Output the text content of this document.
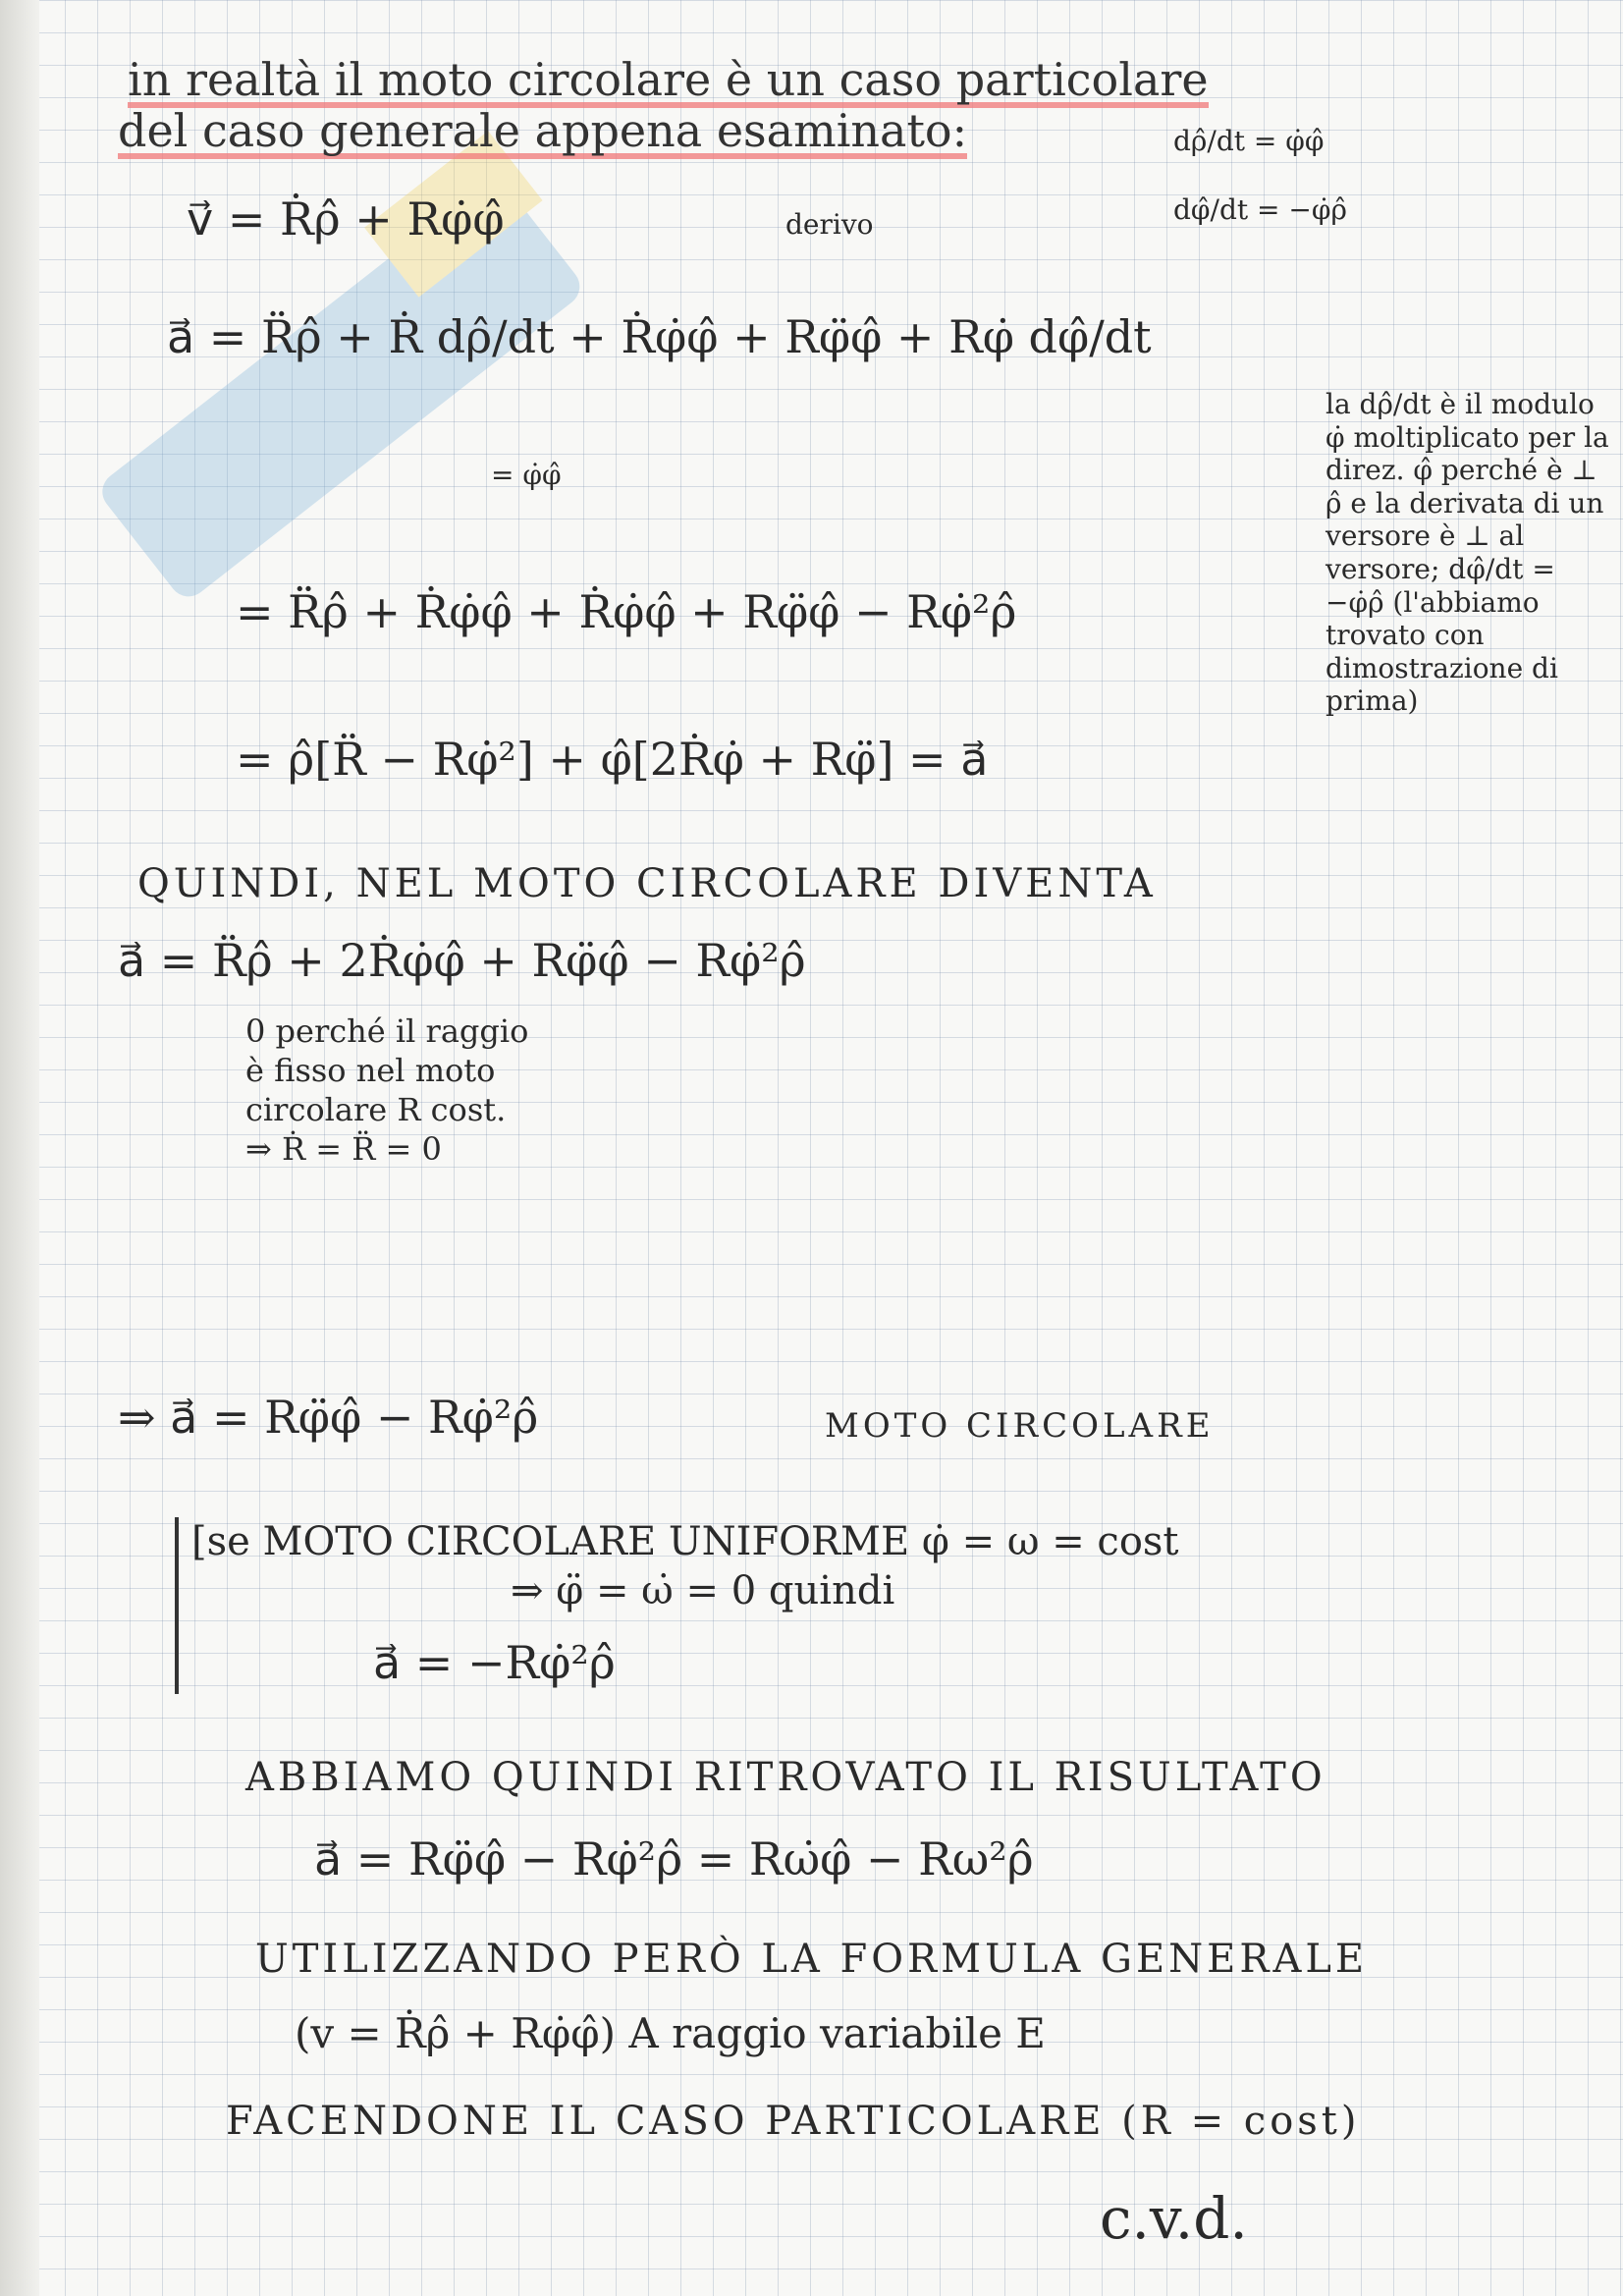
in realtà il moto circolare è un caso particolare
del caso generale appena esaminato:	dρ̂/dt = φ̇φ̂
dφ̂/dt = −φ̇ρ̂
v⃗ = Ṙρ̂ + Rφ̇φ̂	derivo
a⃗ = R̈ρ̂ + Ṙ dρ̂/dt + Ṙφ̇φ̂ + Rφ̈φ̂ + Rφ̇ dφ̂/dt
= φ̇φ̂
= R̈ρ̂ + Ṙφ̇φ̂ + Ṙφ̇φ̂ + Rφ̈φ̂ − Rφ̇²ρ̂
= ρ̂[R̈ − Rφ̇²] + φ̂[2Ṙφ̇ + Rφ̈] = a⃗
la dρ̂/dt è il modulo φ̇ moltiplicato per la direz. φ̂ perché è ⊥ ρ̂ e la derivata di un versore è ⊥ al versore; dφ̂/dt = −φ̇ρ̂ (l'abbiamo trovato con dimostrazione di prima)
QUINDI, NEL MOTO CIRCOLARE DIVENTA
a⃗ = R̈ρ̂ + 2Ṙφ̇φ̂ + Rφ̈φ̂ − Rφ̇²ρ̂
0 perché il raggio è fisso nel moto circolare R cost. ⇒ Ṙ = R̈ = 0
⇒ a⃗ = Rφ̈φ̂ − Rφ̇²ρ̂	MOTO CIRCOLARE
[se MOTO CIRCOLARE UNIFORME φ̇ = ω = cost
⇒ φ̈ = ω̇ = 0 quindi
a⃗ = −Rφ̇²ρ̂
ABBIAMO QUINDI RITROVATO IL RISULTATO
a⃗ = Rφ̈φ̂ − Rφ̇²ρ̂ = Rω̇φ̂ − Rω²ρ̂
UTILIZZANDO PERÒ LA FORMULA GENERALE
(v = Ṙρ̂ + Rφ̇φ̂) A raggio variabile E
FACENDONE IL CASO PARTICOLARE (R = cost)
c.v.d.
